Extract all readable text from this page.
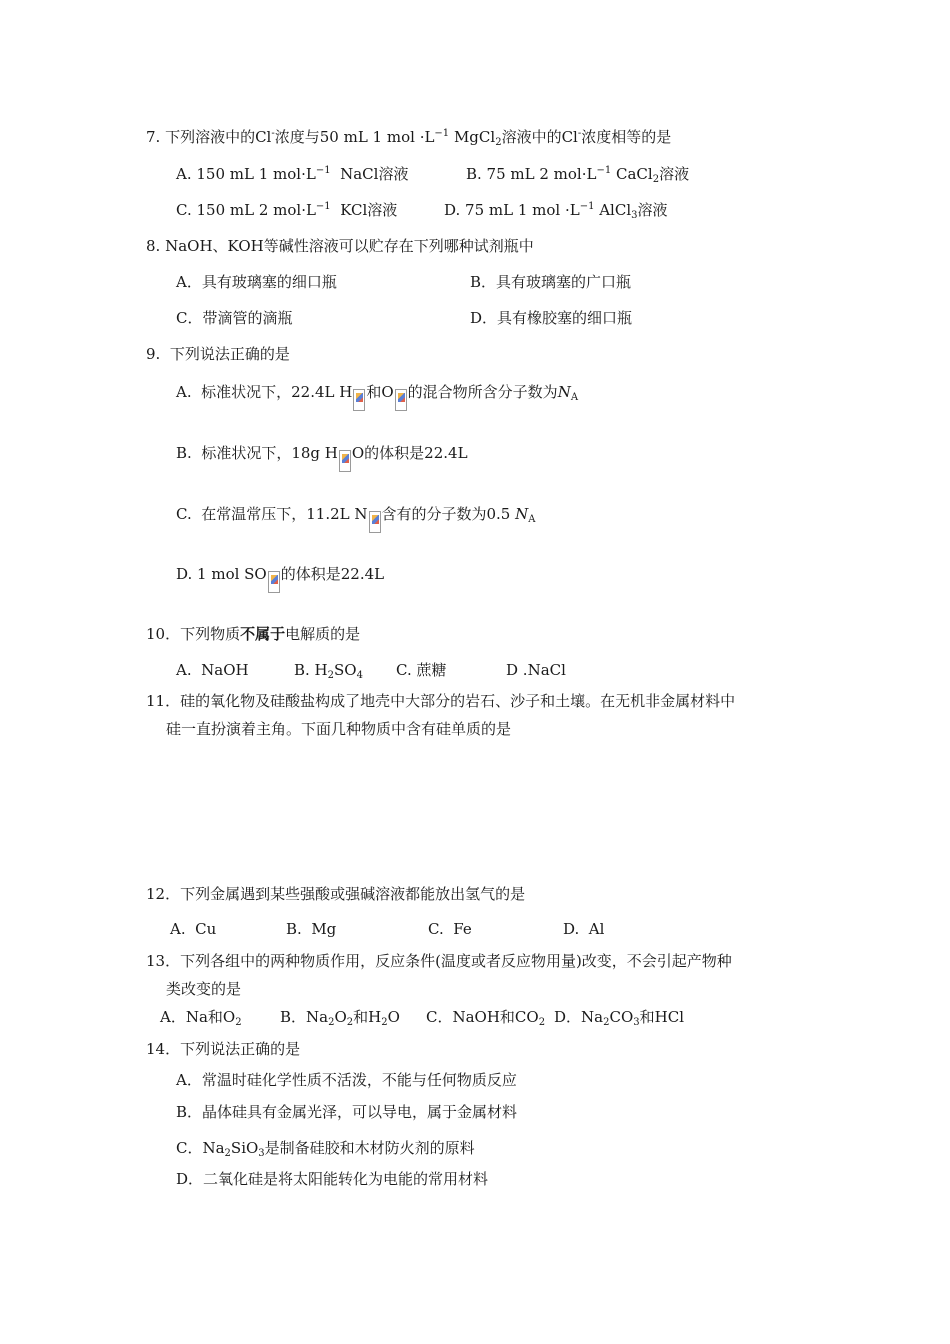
7. 下列溶液中的Cl-浓度与50 mL 1 mol $\cdot L^{-1}$ MgCl$_2$溶液中的Cl-浓度相等的是
A. 150 mL 1 $mol\cdot L^{-1}$  NaCl溶液	B. 75 mL 2 $mol\cdot L^{-1}$ CaCl$_2$溶液
C. 150 mL 2 $mol\cdot L^{-1}$  KCl溶液	D. 75 mL 1 mol $\cdot L^{-1}$ AlCl$_3$溶液
8. NaOH、KOH等碱性溶液可以贮存在下列哪种试剂瓶中
A．具有玻璃塞的细口瓶	B．具有玻璃塞的广口瓶
C．带滴管的滴瓶	D．具有橡胶塞的细口瓶
9.  下列说法正确的是
A.  标准状况下，22.4L H 和O 的混合物所含分子数为$N_A$
B.  标准状况下，18g H O的体积是22.4L
C.  在常温常压下，11.2L N 含有的分子数为0.5 $N_A$
D. 1 mol SO 的体积是22.4L
10．下列物质不属于电解质的是
A.  NaOH	B. $H_2SO_4$ C. 蔗糖	D .NaCl
11．硅的氧化物及硅酸盐构成了地壳中大部分的岩石、沙子和土壤。在无机非金属材料中
硅一直扮演着主角。下面几种物质中含有硅单质的是
12．下列金属遇到某些强酸或强碱溶液都能放出氢气的是
A.  Cu	B.  Mg	C.  Fe	D.  Al
13．下列各组中的两种物质作用，反应条件(温度或者反应物用量)改变，不会引起产物种
类改变的是
A．Na和$O_2$	B．$Na_2O_2$和$H_2O$ C．NaOH和$CO_2$ D．$Na_2CO_3$和HCl
14．下列说法正确的是
A．常温时硅化学性质不活泼，不能与任何物质反应
B．晶体硅具有金属光泽，可以导电，属于金属材料
C．$Na_2SiO_3$是制备硅胶和木材防火剂的原料
D．二氧化硅是将太阳能转化为电能的常用材料
